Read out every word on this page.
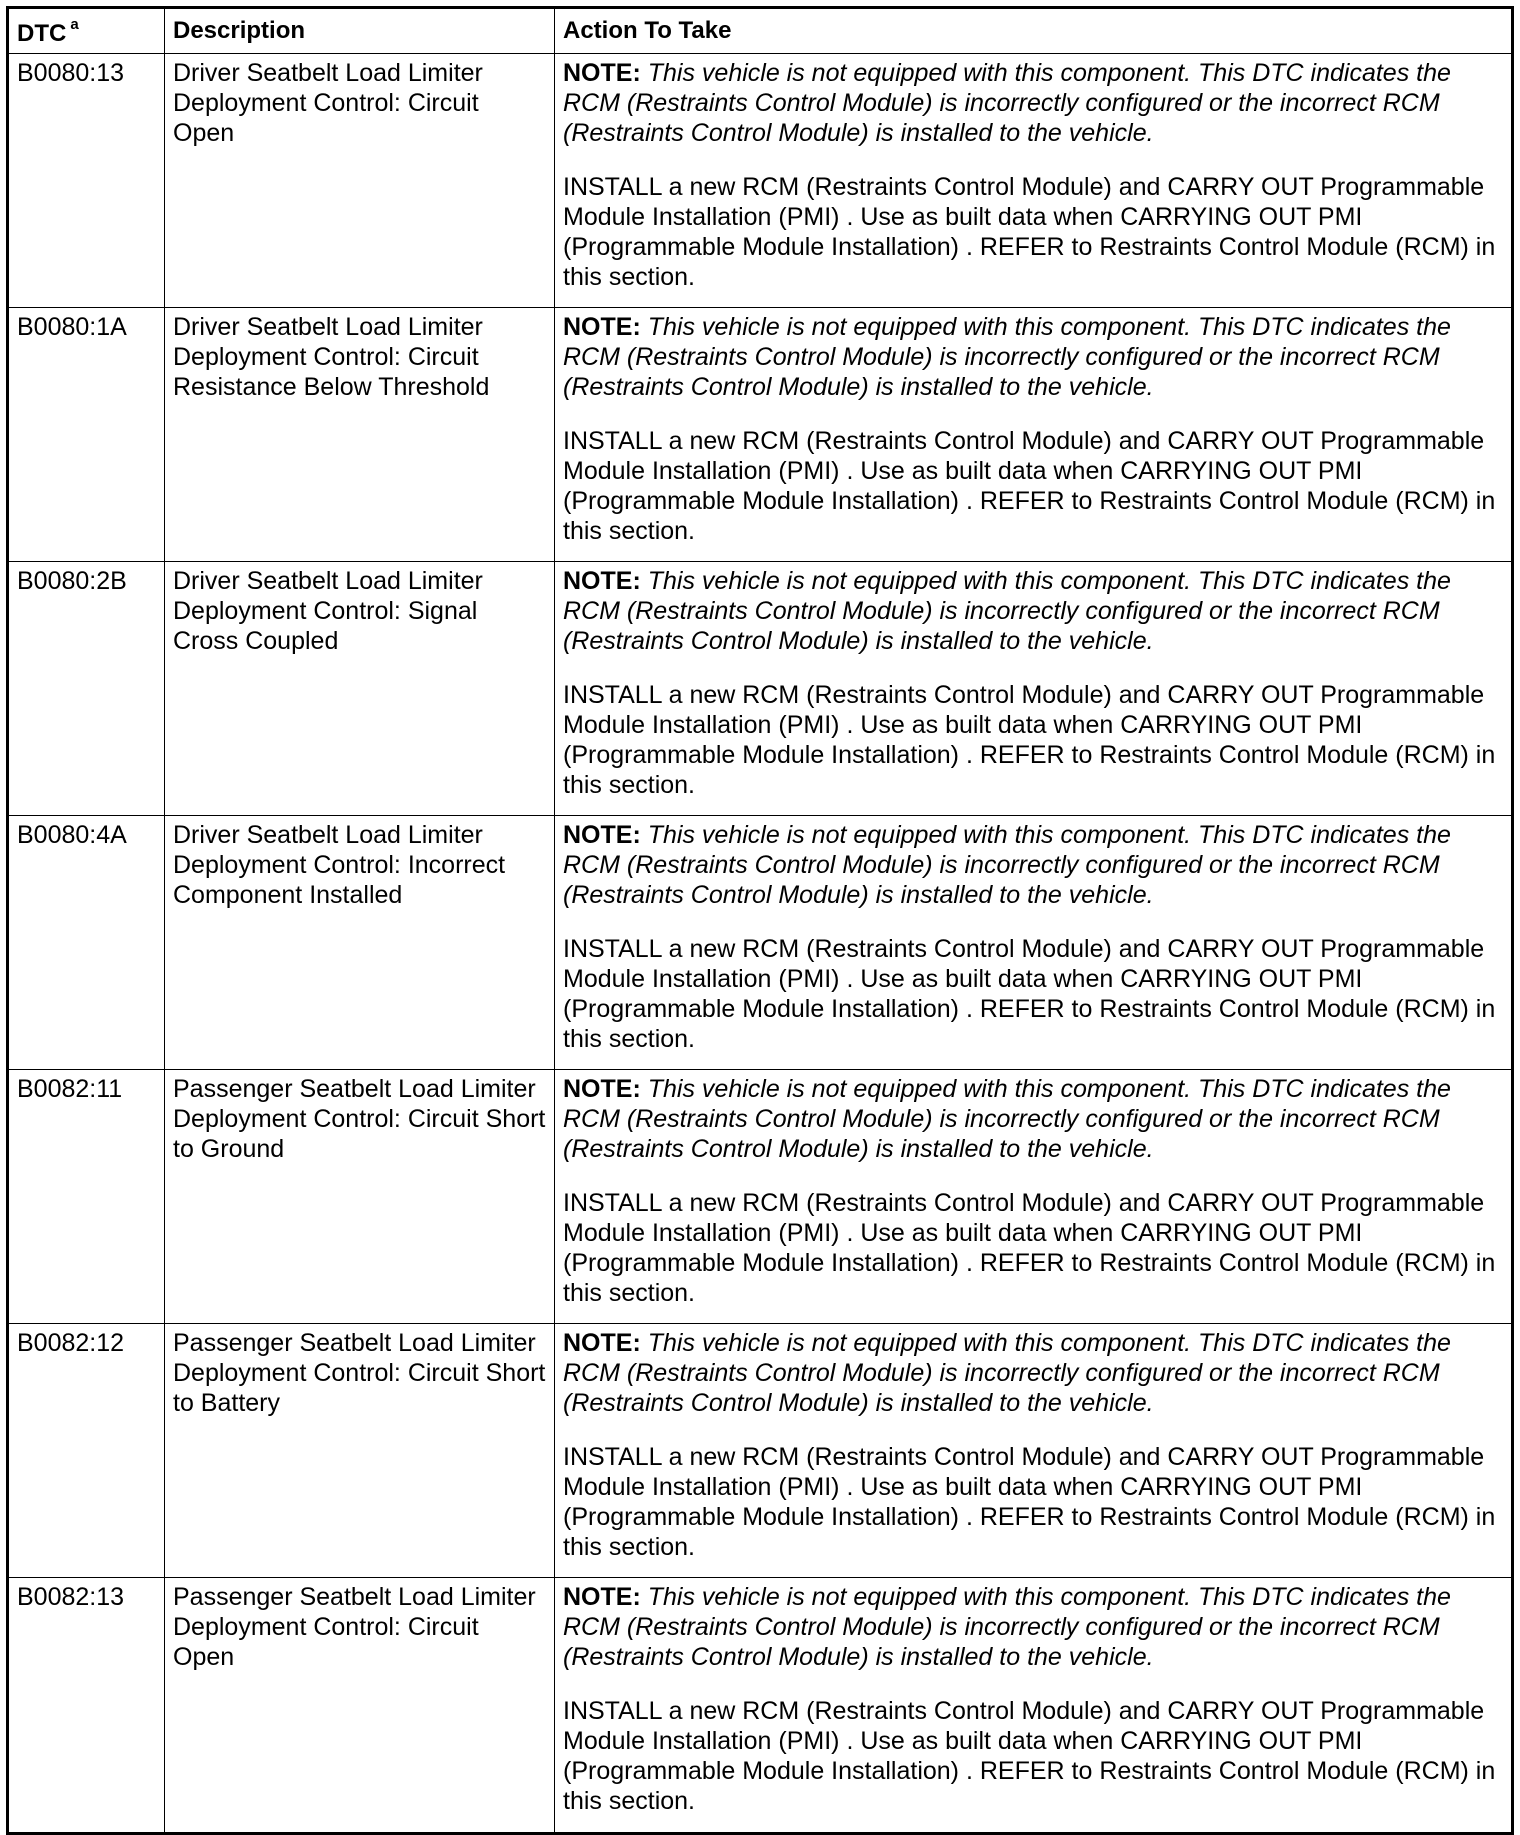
DTC $^a$	Description	Action To Take
B0080:13	Driver Seatbelt Load Limiter Deployment Control: Circuit Open	NOTE: This vehicle is not equipped with this component. This DTC indicates the RCM (Restraints Control Module) is incorrectly configured or the incorrect RCM (Restraints Control Module) is installed to the vehicle.
INSTALL a new RCM (Restraints Control Module) and CARRY OUT Programmable Module Installation (PMI) . Use as built data when CARRYING OUT PMI (Programmable Module Installation) . REFER to Restraints Control Module (RCM) in this section.

B0080:1A	Driver Seatbelt Load Limiter Deployment Control: Circuit Resistance Below Threshold	NOTE: This vehicle is not equipped with this component. This DTC indicates the RCM (Restraints Control Module) is incorrectly configured or the incorrect RCM (Restraints Control Module) is installed to the vehicle.
INSTALL a new RCM (Restraints Control Module) and CARRY OUT Programmable Module Installation (PMI) . Use as built data when CARRYING OUT PMI (Programmable Module Installation) . REFER to Restraints Control Module (RCM) in this section.

B0080:2B	Driver Seatbelt Load Limiter Deployment Control: Signal Cross Coupled	NOTE: This vehicle is not equipped with this component. This DTC indicates the RCM (Restraints Control Module) is incorrectly configured or the incorrect RCM (Restraints Control Module) is installed to the vehicle.
INSTALL a new RCM (Restraints Control Module) and CARRY OUT Programmable Module Installation (PMI) . Use as built data when CARRYING OUT PMI (Programmable Module Installation) . REFER to Restraints Control Module (RCM) in this section.

B0080:4A	Driver Seatbelt Load Limiter Deployment Control: Incorrect Component Installed	NOTE: This vehicle is not equipped with this component. This DTC indicates the RCM (Restraints Control Module) is incorrectly configured or the incorrect RCM (Restraints Control Module) is installed to the vehicle.
INSTALL a new RCM (Restraints Control Module) and CARRY OUT Programmable Module Installation (PMI) . Use as built data when CARRYING OUT PMI (Programmable Module Installation) . REFER to Restraints Control Module (RCM) in this section.

B0082:11	Passenger Seatbelt Load Limiter Deployment Control: Circuit Short to Ground	NOTE: This vehicle is not equipped with this component. This DTC indicates the RCM (Restraints Control Module) is incorrectly configured or the incorrect RCM (Restraints Control Module) is installed to the vehicle.
INSTALL a new RCM (Restraints Control Module) and CARRY OUT Programmable Module Installation (PMI) . Use as built data when CARRYING OUT PMI (Programmable Module Installation) . REFER to Restraints Control Module (RCM) in this section.

B0082:12	Passenger Seatbelt Load Limiter Deployment Control: Circuit Short to Battery	NOTE: This vehicle is not equipped with this component. This DTC indicates the RCM (Restraints Control Module) is incorrectly configured or the incorrect RCM (Restraints Control Module) is installed to the vehicle.
INSTALL a new RCM (Restraints Control Module) and CARRY OUT Programmable Module Installation (PMI) . Use as built data when CARRYING OUT PMI (Programmable Module Installation) . REFER to Restraints Control Module (RCM) in this section.

B0082:13	Passenger Seatbelt Load Limiter Deployment Control: Circuit Open	NOTE: This vehicle is not equipped with this component. This DTC indicates the RCM (Restraints Control Module) is incorrectly configured or the incorrect RCM (Restraints Control Module) is installed to the vehicle.
INSTALL a new RCM (Restraints Control Module) and CARRY OUT Programmable Module Installation (PMI) . Use as built data when CARRYING OUT PMI (Programmable Module Installation) . REFER to Restraints Control Module (RCM) in this section.
